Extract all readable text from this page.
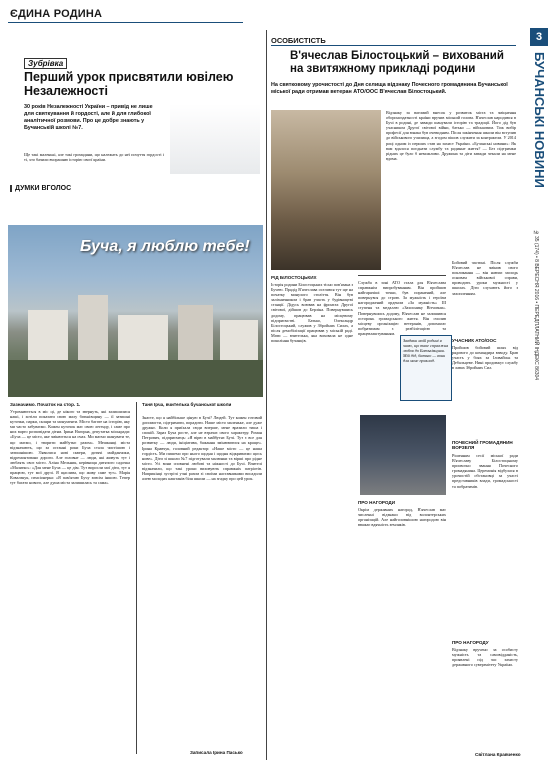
ЄДИНА РОДИНА
3
БУЧАНСЬКІ НОВИНИ
№35 (174) • 8 ВЕРЕСНЯ 2016 • ПЕРЕДПЛАТНИЙ ІНДЕКС 86304
Зубрівка
Перший урок присвятили ювілею Незалежності
30 років Незалежності України – привід не лише для святкування й гордості, але й для глибокої аналітичної розмови. Про це добре знають у Бучанській школі №7.
Ще такі маленькі, але такі громадяни, що належать до неї почуття гордості і ті, хто бачили вчорашню історію своєї країни.
ДУМКИ ВГОЛОС
Буча, я люблю тебе!
Зазначимо. Початок на стор. 1.
Утромнюється в міс ці, де нікого та звернуть, які залишилися наші, і хотіли показати свою малу батьківщину — її затишні куточки, парки, скляри та монументи. Місто багате на історію, яку ми часто забуваємо. Кожен куточок має свою легенду, і саме про них варто розповідати дітям. Ірина Нагорна, депутатка міськради: «Буча — це місто, яке змінюється на очах. Ми маємо шанувати те, що маємо, і творити майбутнє разом». Мешканці міста відзначають, що за останні роки Буча стала чистішою і затишнішою. З'явилися нові сквери, дитячі майданчики, відремонтовано дороги. Але головне — люди, які живуть тут і люблять своє місто. Аліна Мельник, керівниця дитячого садочка «Малятко»: «Для мене Буча — це дім. Тут виросли мої діти, тут я працюю, тут мої друзі. Я щаслива, що живу саме тут». Марія Ковальчук, пенсіонерка: «Я пам'ятаю Бучу зовсім іншою. Тепер тут багато нового, але душа міста залишилась та сама».
Таня Ірча, вчителька бучанської школи
Знаєте, що я найбільше ціную в Бучі? Людей. Тут кожен готовий допомогти, підтримати, порадити. Наше місто маленьке, але дуже дружнє. Коли я приїхала сюди вперше, мене вразили тиша і спокій. Зараз Буча росте, але не втрачає свого характеру. Роман Петрович, підприємець: «Я вірю в майбутнє Бучі. Тут є все для розвитку — люди, ініціатива, бажання змінюватися на краще». Ірина Кравчук, головний редактор: «Наше місто — це наша гордість. Ми пишемо про нього щодня і щодня відкриваємо щось нове». Діти зі школи №7 підготували малюнки та вірші про рідне місто. Усі вони сповнені любові та ніжності до Бучі. Вчителі відзначили, що такі уроки виховують справжніх патріотів. Наприкінці зустрічі учні разом зі своїми наставниками висадили алею молодих каштанів біля школи — на згадку про цей урок.
Записала Ірина Пасько
ОСОБИСТІСТЬ
В'ячеслав Білостоцький – вихований на звитяжному прикладі родини
На святковому урочистості до Дня селища відзнаку Почесного громадянина Бучанської міської ради отримав ветеран АТО/ООС В'ячеслав Білостоцький.
Відзнаку за вагомий внесок у розвиток міста та зміцнення обороноздатності країни вручив міський голова. В'ячеслав народився в Бучі в родині, де завжди шанували історію та традиції. Його дід був учасником Другої світової війни, батько — військовим. Тож вибір професії для юнака був очевидним. Після закінчення школи він вступив до військового училища, а згодом пішов служити за контрактом. У 2014 році одним із перших став на захист України. «Бучанські новини»: Як вам вдалося поєднати службу та родинне життя? — Без підтримки рідних це було б неможливо. Дружина та діти завжди чекали на мене вдома.
РІД БІЛОСТОЦЬКИХ
Історія родини Білостоцьких тісно пов'язана з Бучею. Прадід В'ячеслава оселився тут ще на початку минулого століття. Він був залізничником і брав участь у будівництві станції. Дідусь воював на фронтах Другої світової, дійшов до Берліна. Повернувшись додому, працював на місцевому підприємстві. Батько, Олександр Білостоцький, служив у Збройних Силах, а після демобілізації працював у міській раді. Мати — вчителька, яка виховала не одне покоління бучанців.
Служба в зоні АТО стала для В'ячеслава справжнім випробуванням. Він пройшов найгарячіші точки, був поранений, але повернувся до строю. За мужність і героїзм нагороджений орденом «За мужність» III ступеня та медаллю «Захиснику Вітчизни». Повернувшись додому, В'ячеслав не залишився осторонь громадського життя. Він очолив місцеву організацію ветеранів, допомагає побратимам з реабілітацією та працевлаштуванням.
Завдяки моїй родині я знаю, що таке справжня любов до Батьківщини. Мій дід, батько — вони для мене приклад.
ПРО НАГОРОДИ
Окрім державних нагород, В'ячеслав має численні відзнаки від волонтерських організацій. Але найголовнішою нагородою він вважає вдячність земляків.
Бойовий частині. Після служби В'ячеслав не змінив свого покликання — він навчає молодь основам військової справи, проводить уроки мужності у школах. Діти слухають його з захопленням.
УЧАСНИК АТО/ООС
Пройшов бойовий шлях від рядового до командира взводу. Брав участь у боях за Іловайськ та Дебальцеве. Нині продовжує службу в лавах Збройних Сил.
ПОЧЕСНИЙ ГРОМАДЯНИН ВОРЗЕЛЯ
Рішенням сесії міської ради В'ячеславу Білостоцькому присвоєно звання Почесного громадянина. Церемонія відбулася в урочистій обстановці за участі представників влади, громадськості та побратимів.
ПРО НАГОРОДУ
Відзнаку вручено за особисту мужність та самовідданість, проявлені під час захисту державного суверенітету України.
Світлана Кравченко
